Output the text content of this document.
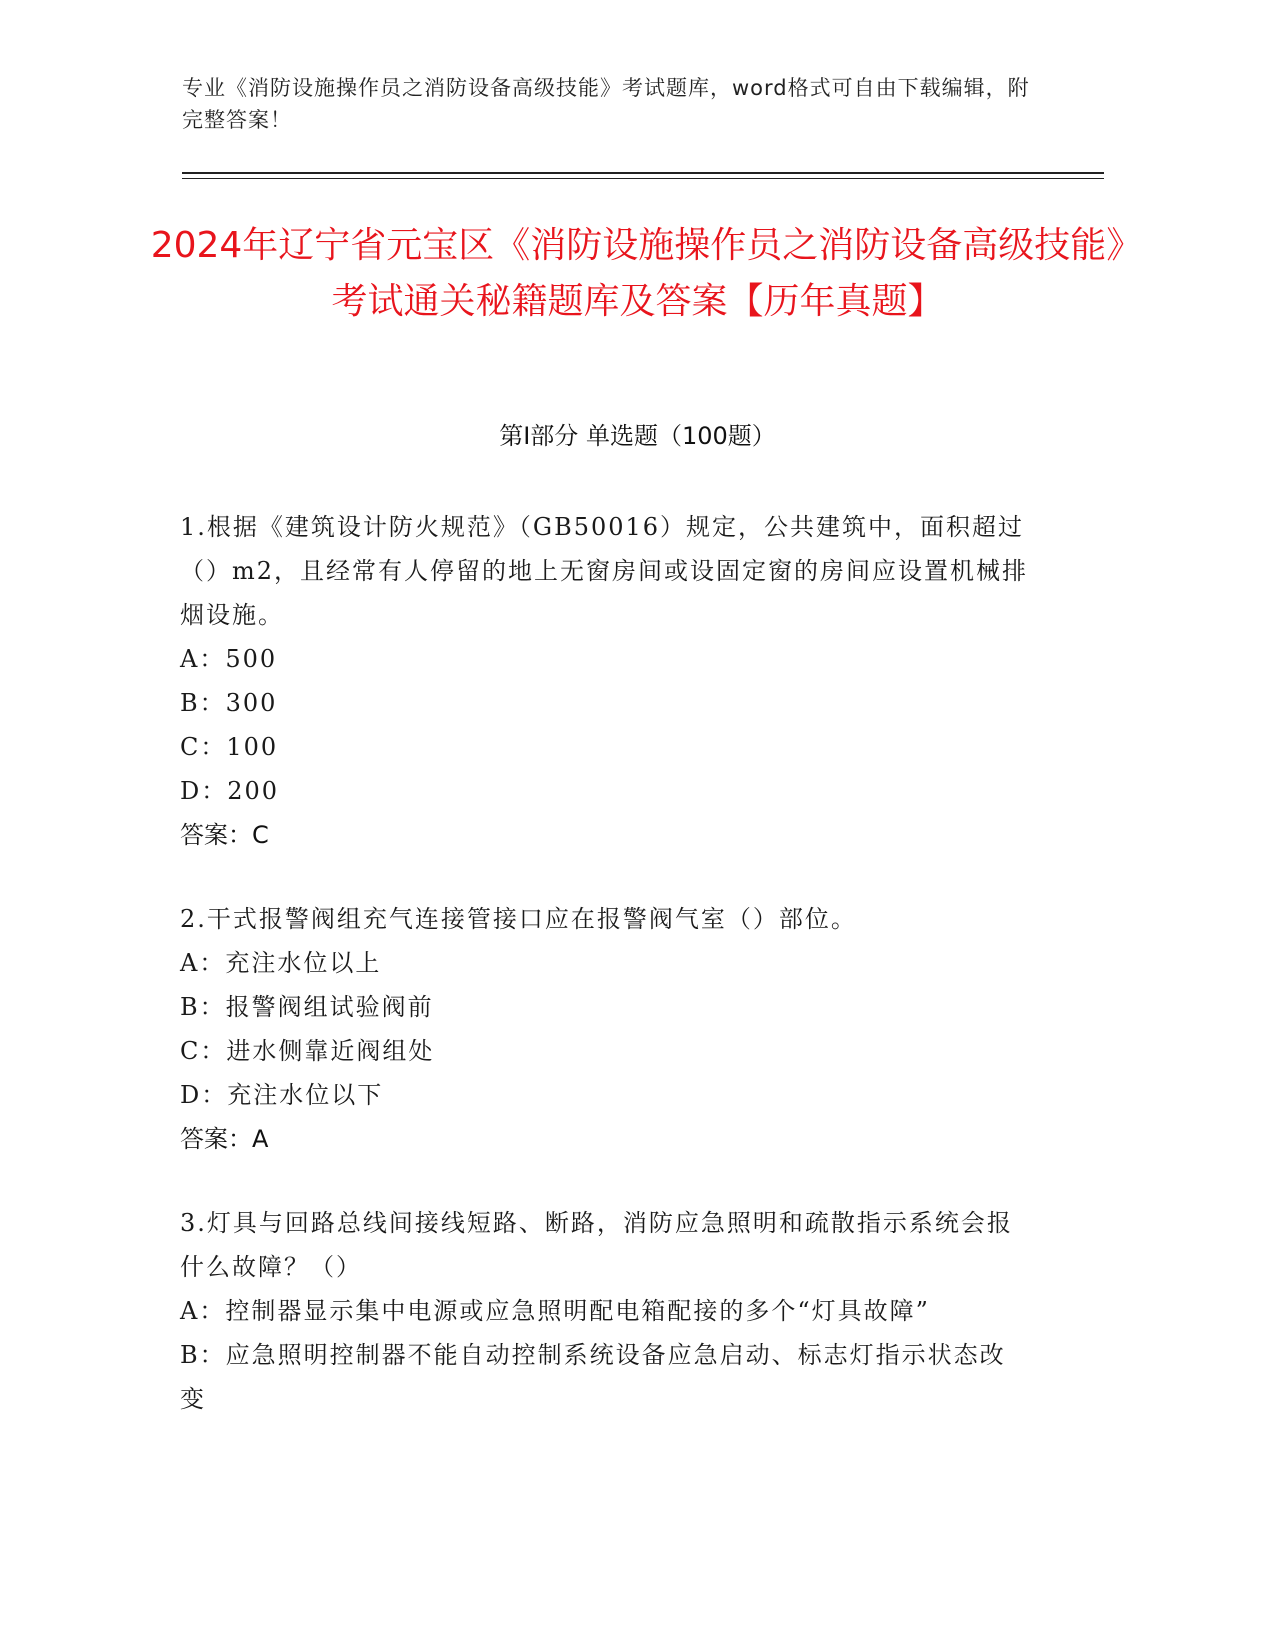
专业《消防设施操作员之消防设备高级技能》考试题库，word格式可自由下载编辑，附完整答案！
2024年辽宁省元宝区《消防设施操作员之消防设备高级技能》考试通关秘籍题库及答案【历年真题】
第I部分 单选题（100题）

1.根据《建筑设计防火规范》（GB50016）规定，公共建筑中，面积超过（）m2，且经常有人停留的地上无窗房间或设固定窗的房间应设置机械排烟设施。

A：500

B：300

C：100

D：200

答案：C

2.干式报警阀组充气连接管接口应在报警阀气室（）部位。

A：充注水位以上

B：报警阀组试验阀前

C：进水侧靠近阀组处

D：充注水位以下

答案：A

3.灯具与回路总线间接线短路、断路，消防应急照明和疏散指示系统会报什么故障？（）

A：控制器显示集中电源或应急照明配电箱配接的多个“灯具故障”

B：应急照明控制器不能自动控制系统设备应急启动、标志灯指示状态改变
